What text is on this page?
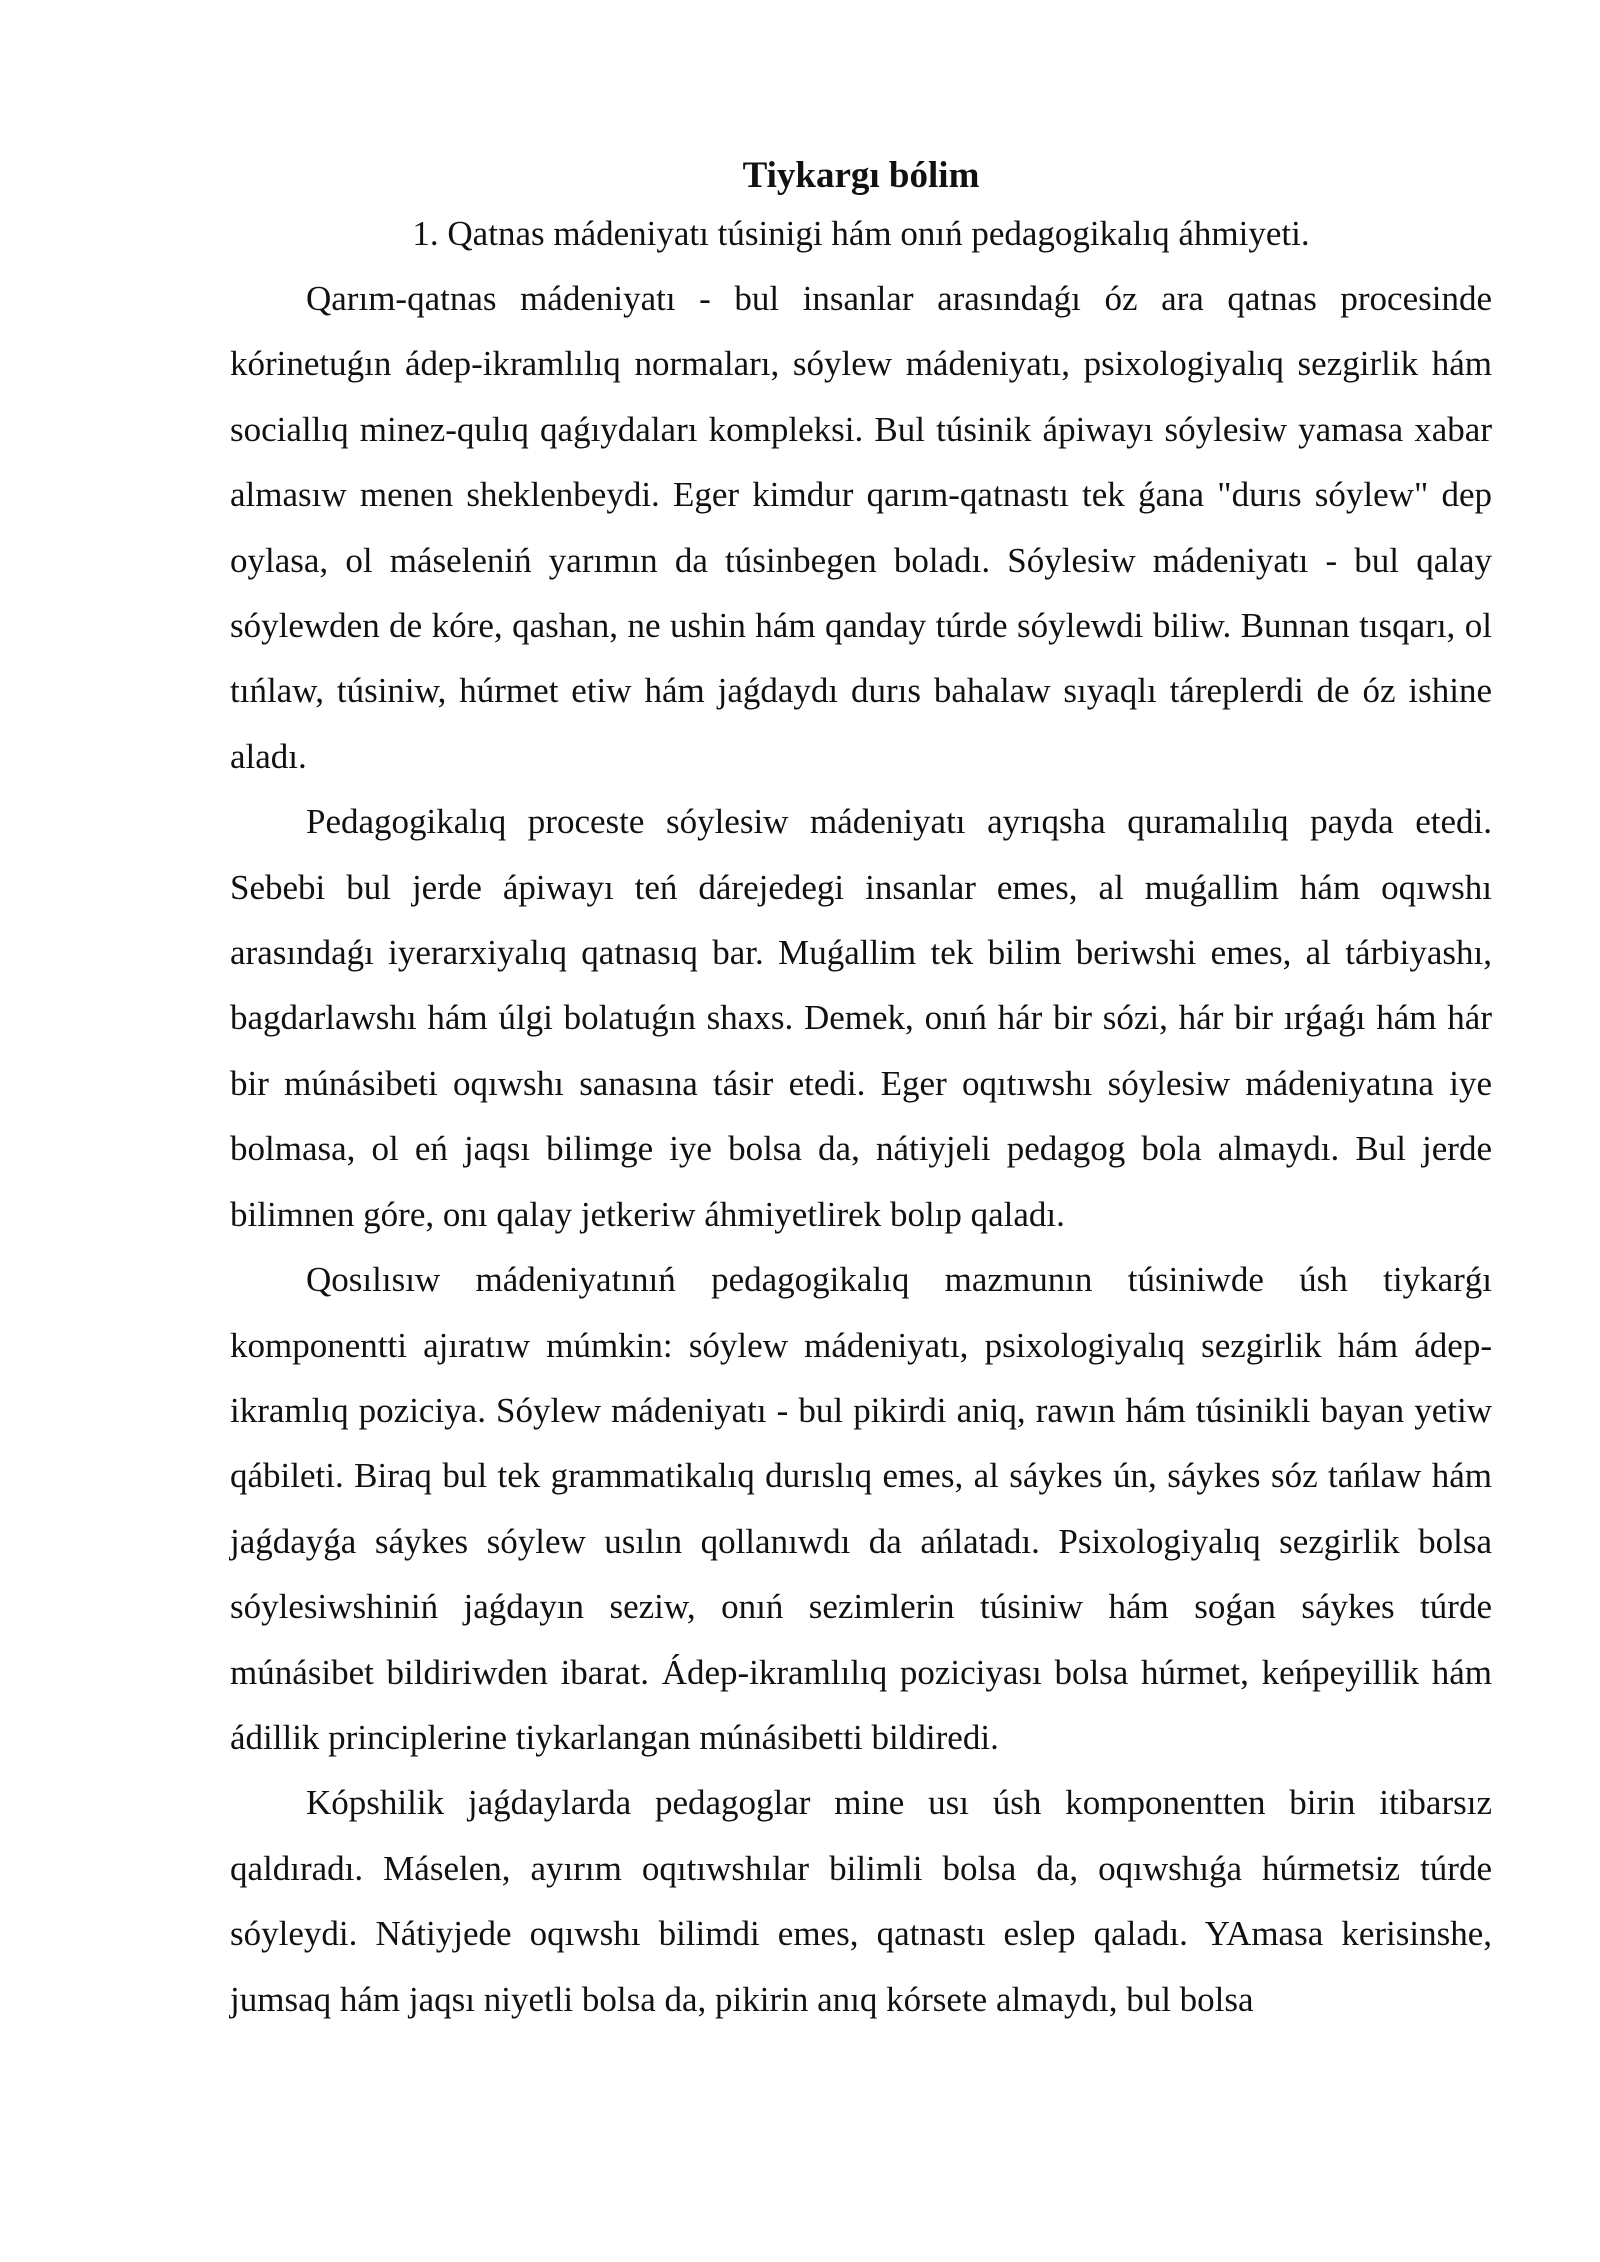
Tiykargı bólim

1. Qatnas mádeniyatı túsinigi hám onıń pedagogikalıq áhmiyeti.

Qarım-qatnas mádeniyatı - bul insanlar arasındaǵı óz ara qatnas procesinde kórinetuǵın ádep-ikramlılıq normaları, sóylew mádeniyatı, psixologiyalıq sezgirlik hám sociallıq minez-qulıq qaǵıydaları kompleksi. Bul túsinik ápiwayı sóylesiw yamasa xabar almasıw menen sheklenbeydi. Eger kimdur qarım-qatnastı tek ǵana "durıs sóylew" dep oylasa, ol máseleniń yarımın da túsinbegen boladı. Sóylesiw mádeniyatı - bul qalay sóylewden de kóre, qashan, ne ushin hám qanday túrde sóylewdi biliw. Bunnan tısqarı, ol tıńlaw, túsiniw, húrmet etiw hám jaǵdaydı durıs bahalaw sıyaqlı táreplerdi de óz ishine aladı.

Pedagogikalıq proceste sóylesiw mádeniyatı ayrıqsha quramalılıq payda etedi. Sebebi bul jerde ápiwayı teń dárejedegi insanlar emes, al muǵallim hám oqıwshı arasındaǵı iyerarxiyalıq qatnasıq bar. Muǵallim tek bilim beriwshi emes, al tárbiyashı, bagdarlawshı hám úlgi bolatuǵın shaxs. Demek, onıń hár bir sózi, hár bir ırǵaǵı hám hár bir múnásibeti oqıwshı sanasına tásir etedi. Eger oqıtıwshı sóylesiw mádeniyatına iye bolmasa, ol eń jaqsı bilimge iye bolsa da, nátiyjeli pedagog bola almaydı. Bul jerde bilimnen góre, onı qalay jetkeriw áhmiyetlirek bolıp qaladı.

Qosılısıw mádeniyatınıń pedagogikalıq mazmunın túsiniwde úsh tiykarǵı komponentti ajıratıw múmkin: sóylew mádeniyatı, psixologiyalıq sezgirlik hám ádep-ikramlıq poziciya. Sóylew mádeniyatı - bul pikirdi aniq, rawın hám túsinikli bayan yetiw qábileti. Biraq bul tek grammatikalıq durıslıq emes, al sáykes ún, sáykes sóz tańlaw hám jaǵdayǵa sáykes sóylew usılın qollanıwdı da ańlatadı. Psixologiyalıq sezgirlik bolsa sóylesiwshiniń jaǵdayın seziw, onıń sezimlerin túsiniw hám soǵan sáykes túrde múnásibet bildiriwden ibarat. Ádep-ikramlılıq poziciyası bolsa húrmet, keńpeyillik hám ádillik principlerine tiykarlangan múnásibetti bildiredi.

Kópshilik jaǵdaylarda pedagoglar mine usı úsh komponentten birin itibarsız qaldıradı. Máselen, ayırım oqıtıwshılar bilimli bolsa da, oqıwshıǵa húrmetsiz túrde sóyleydi. Nátiyjede oqıwshı bilimdi emes, qatnastı eslep qaladı. YAmasa kerisinshe, jumsaq hám jaqsı niyetli bolsa da, pikirin anıq kórsete almaydı, bul bolsa
